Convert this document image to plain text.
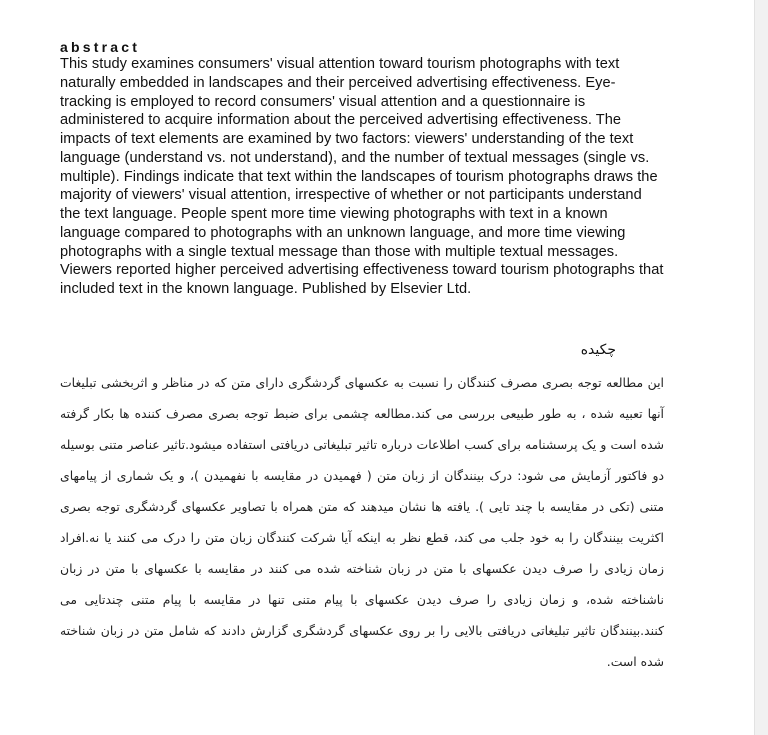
abstract

This study examines consumers' visual attention toward tourism photographs with text naturally embedded in landscapes and their perceived advertising effectiveness. Eye-tracking is employed to record consumers' visual attention and a questionnaire is administered to acquire information about the perceived advertising effectiveness. The impacts of text elements are examined by two factors: viewers' understanding of the text language (understand vs. not understand), and the number of textual messages (single vs. multiple). Findings indicate that text within the landscapes of tourism photographs draws the majority of viewers' visual attention, irrespective of whether or not participants understand the text language. People spent more time viewing photographs with text in a known language compared to photographs with an unknown language, and more time viewing photographs with a single textual message than those with multiple textual messages. Viewers reported higher perceived advertising effectiveness toward tourism photographs that included text in the known language. Published by Elsevier Ltd.

چکیده

این مطالعه توجه بصری مصرف کنندگان را نسبت به عکسهای گردشگری دارای متن که در مناظر و اثربخشی تبلیغات آنها تعبیه شده ، به طور طبیعی بررسی می کند.مطالعه چشمی برای ضبط توجه بصری مصرف کننده ها بکار گرفته شده است و یک پرسشنامه برای کسب اطلاعات درباره تاثیر تبلیغاتی دریافتی استفاده میشود.تاثیر عناصر متنی بوسیله دو فاکتور آزمایش می شود: درک بینندگان از زبان متن ( فهمیدن در مقایسه با نفهمیدن )، و یک شماری از پیامهای متنی (تکی در مقایسه با چند تایی ). یافته ها نشان میدهند که متن همراه با تصاویر عکسهای گردشگری توجه بصری اکثریت بینندگان را به خود جلب می کند، قطع نظر به اینکه آیا شرکت کنندگان زبان متن را درک می کنند یا نه.افراد زمان زیادی را صرف دیدن عکسهای با متن در زبان شناخته شده می کنند در مقایسه با عکسهای با متن در زبان ناشناخته شده، و زمان زیادی را صرف دیدن عکسهای با پیام متنی تنها در مقایسه با پیام متنی چندتایی می کنند.بینندگان تاثیر تبلیغاتی دریافتی بالایی را بر روی عکسهای گردشگری گزارش دادند که شامل متن در زبان شناخته شده است.
